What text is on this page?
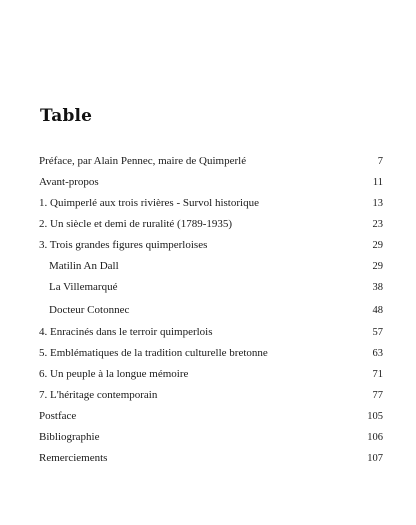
Table
Préface, par Alain Pennec, maire de Quimperlé	7
Avant-propos	11
1. Quimperlé aux trois rivières - Survol historique	13
2. Un siècle et demi de ruralité (1789-1935)	23
3. Trois grandes figures quimperloises	29
Matilin An Dall	29
La Villemarqué	38
Docteur Cotonnec	48
4. Enracinés dans le terroir quimperlois	57
5. Emblématiques de la tradition culturelle bretonne	63
6. Un peuple à la longue mémoire	71
7. L'héritage contemporain	77
Postface	105
Bibliographie	106
Remerciements	107
